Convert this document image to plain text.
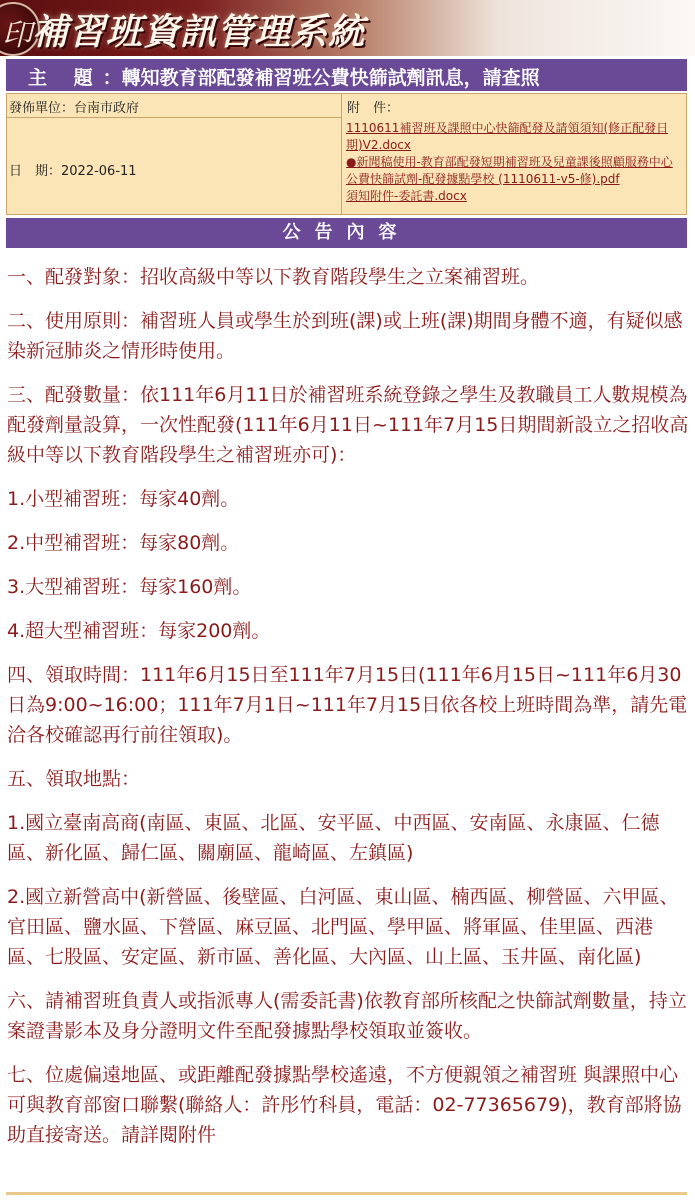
印 補習班資訊管理系統
主 題：轉知教育部配發補習班公費快篩試劑訊息，請查照
發佈單位：台南市政府
日　期：2022-06-11
附　件：
1110611補習班及課照中心快篩配發及請領須知(修正配發日期)V2.docx
●新聞稿使用-教育部配發短期補習班及兒童課後照顧服務中心公費快篩試劑-配發據點學校 (1110611-v5-修).pdf
須知附件-委託書.docx
公告內容

一、配發對象：招收高級中等以下教育階段學生之立案補習班。

二、使用原則：補習班人員或學生於到班(課)或上班(課)期間身體不適，有疑似感染新冠肺炎之情形時使用。

三、配發數量：依111年6月11日於補習班系統登錄之學生及教職員工人數規模為配發劑量設算，一次性配發(111年6月11日~111年7月15日期間新設立之招收高級中等以下教育階段學生之補習班亦可)：

1.小型補習班：每家40劑。

2.中型補習班：每家80劑。

3.大型補習班：每家160劑。

4.超大型補習班：每家200劑。

四、領取時間：111年6月15日至111年7月15日(111年6月15日~111年6月30日為9:00~16:00；111年7月1日~111年7月15日依各校上班時間為準，請先電洽各校確認再行前往領取)。

五、領取地點：

1.國立臺南高商(南區、東區、北區、安平區、中西區、安南區、永康區、仁德區、新化區、歸仁區、關廟區、龍崎區、左鎮區)

2.國立新營高中(新營區、後壁區、白河區、東山區、楠西區、柳營區、六甲區、官田區、鹽水區、下營區、麻豆區、北門區、學甲區、將軍區、佳里區、西港區、七股區、安定區、新市區、善化區、大內區、山上區、玉井區、南化區)

六、請補習班負責人或指派專人(需委託書)依教育部所核配之快篩試劑數量，持立案證書影本及身分證明文件至配發據點學校領取並簽收。

七、位處偏遠地區、或距離配發據點學校遙遠，不方便親領之補習班 與課照中心可與教育部窗口聯繫(聯絡人：許彤竹科員，電話：02-77365679)，教育部將協助直接寄送。請詳閱附件
